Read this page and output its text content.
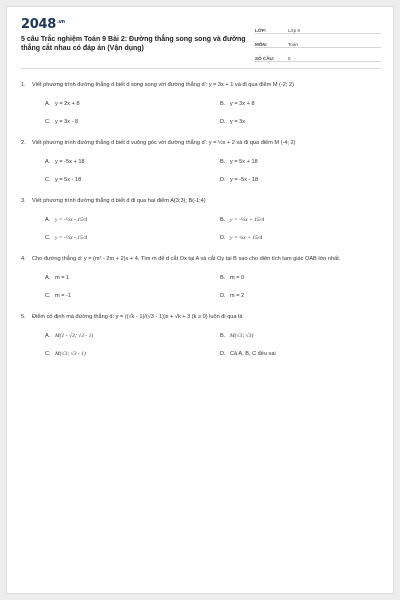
$2048^{.vn}$
5 câu Trắc nghiệm Toán 9 Bài 2: Đường thẳng song song và đường thẳng cắt nhau có đáp án (Vận dụng)
LỚP:	Lớp 9
MÔN:	Toán
SỐ CÂU:	5
1.	Viết phương trình đường thẳng d biết d song song với đường thẳng d': y = 3x + 1 và đi qua điểm M (-2; 2)
A. y = 2x + 8	B. y = 3x + 8
C. y = 3x - 8	D. y = 3x
2.	Viết phương trình đường thẳng d biết d vuông góc với đường thẳng d': y = ½x + 2 và đi qua điểm M (-4; 2)
A. y = -5x + 18	B. y = 5x + 18
C. y = 5x - 18	D. y = -5x - 18
3.	Viết phương trình đường thẳng d biết d đi qua hai điểm A(3;3); B(-1;4)
A. y = -¼x - 15/4	B. y = -¼x + 15/4
C. y = -¼x - 15/4	D. y = ¼x + 15/4
4.	Cho đường thẳng d: y = (m² - 2m + 2)x + 4. Tìm m để d cắt Ox tại A và cắt Oy tại B sao cho diện tích tam giác OAB lớn nhất.
A. m = 1	B. m = 0
C. m = -1	D. m = 2
5.	Điểm cố định mà đường thẳng d: y = ((√k - 1)/(√3 - 1))x + √k + 3 (k ≥ 0) luôn đi qua là
A. M(1 - √3; √3 - 1)	B. M(√3; √3)
C. M(√3; √3 - 1)	D. Cả A, B, C đều sai
